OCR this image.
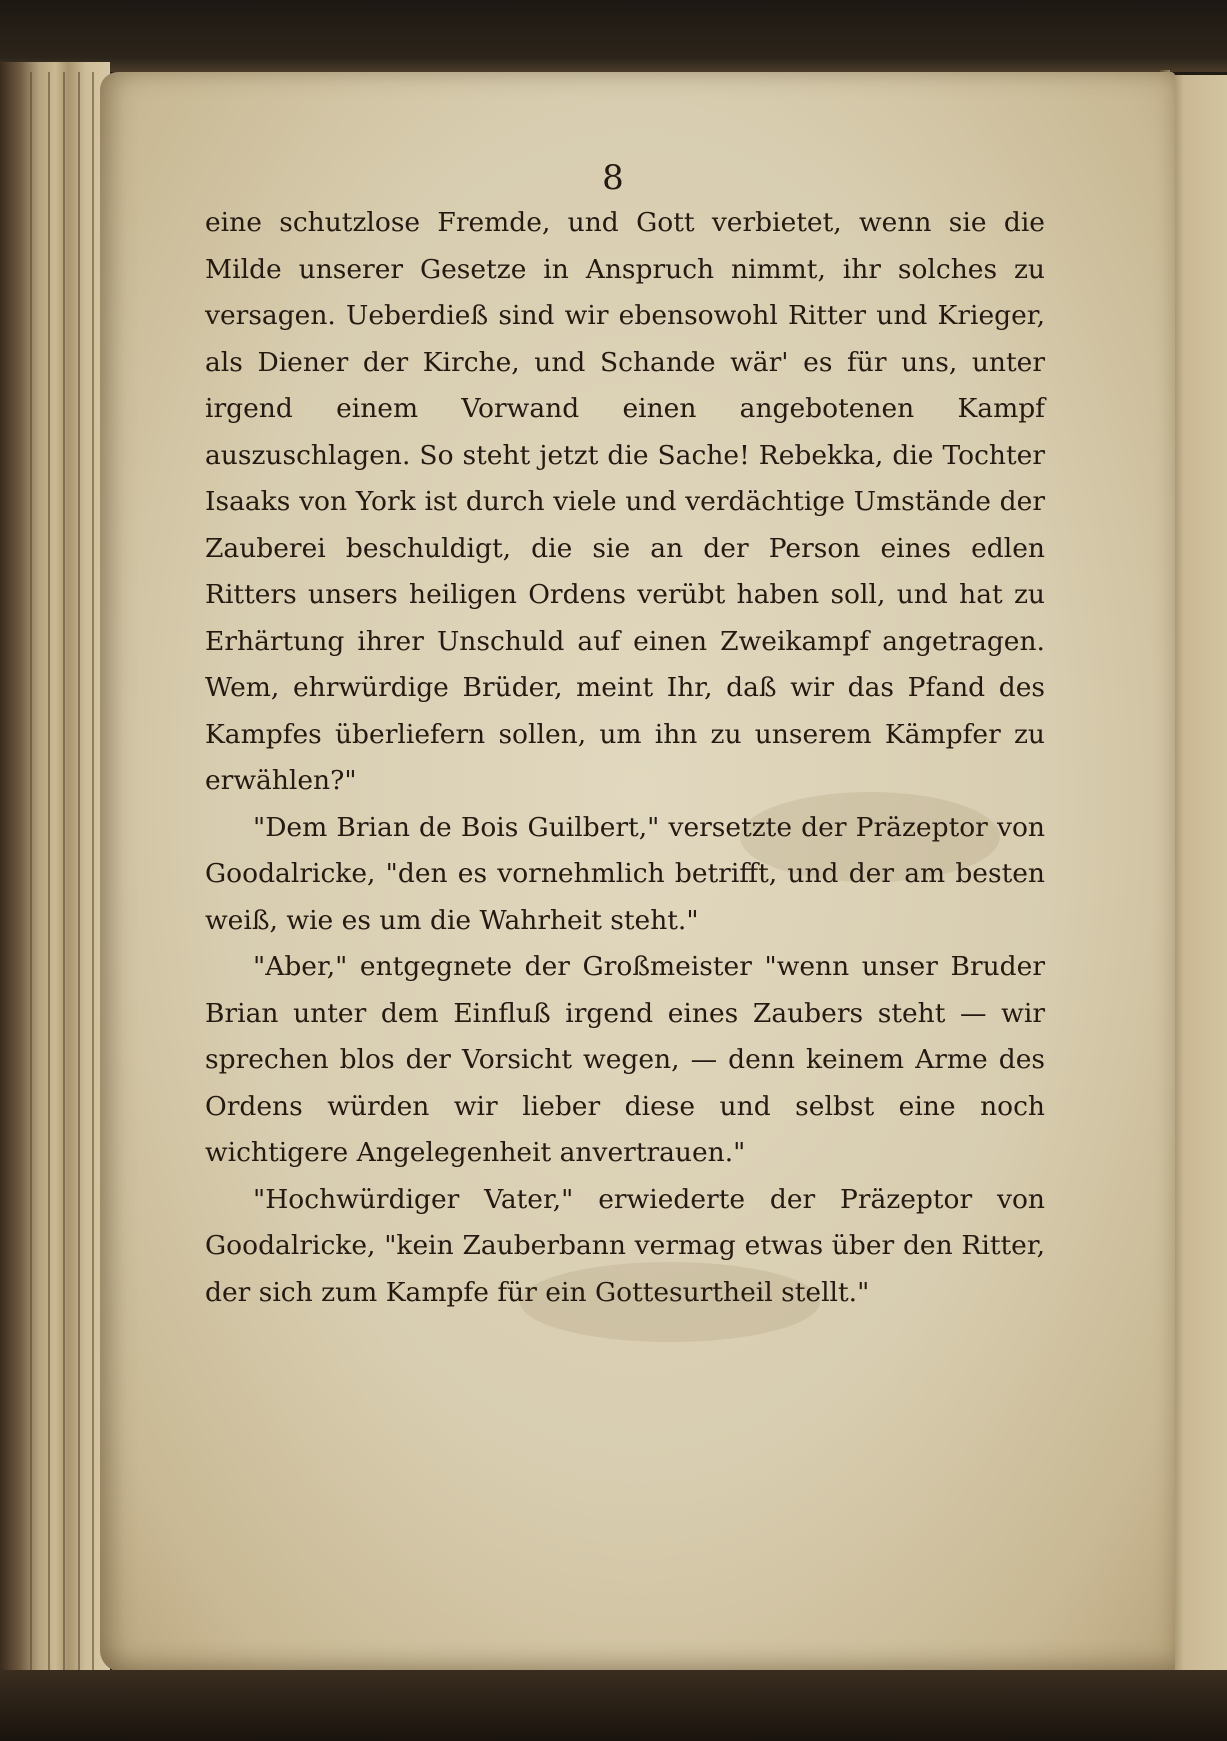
8

eine schutzlose Fremde, und Gott verbietet, wenn sie die Milde unserer Gesetze in Anspruch nimmt, ihr solches zu versagen. Ueberdieß sind wir ebensowohl Ritter und Krieger, als Diener der Kirche, und Schande wär' es für uns, unter irgend einem Vorwand einen angebotenen Kampf auszuschlagen. So steht jetzt die Sache! Rebekka, die Tochter Isaaks von York ist durch viele und verdächtige Umstände der Zauberei beschuldigt, die sie an der Person eines edlen Ritters unsers heiligen Ordens verübt haben soll, und hat zu Erhärtung ihrer Unschuld auf einen Zweikampf angetragen. Wem, ehrwürdige Brüder, meint Ihr, daß wir das Pfand des Kampfes überliefern sollen, um ihn zu unserem Kämpfer zu erwählen?"

"Dem Brian de Bois Guilbert," versetzte der Präzeptor von Goodalricke, "den es vornehmlich betrifft, und der am besten weiß, wie es um die Wahrheit steht."

"Aber," entgegnete der Großmeister "wenn unser Bruder Brian unter dem Einfluß irgend eines Zaubers steht — wir sprechen blos der Vorsicht wegen, — denn keinem Arme des Ordens würden wir lieber diese und selbst eine noch wichtigere Angelegenheit anvertrauen."

"Hochwürdiger Vater," erwiederte der Präzeptor von Goodalricke, "kein Zauberbann vermag etwas über den Ritter, der sich zum Kampfe für ein Gottesurtheil stellt."
